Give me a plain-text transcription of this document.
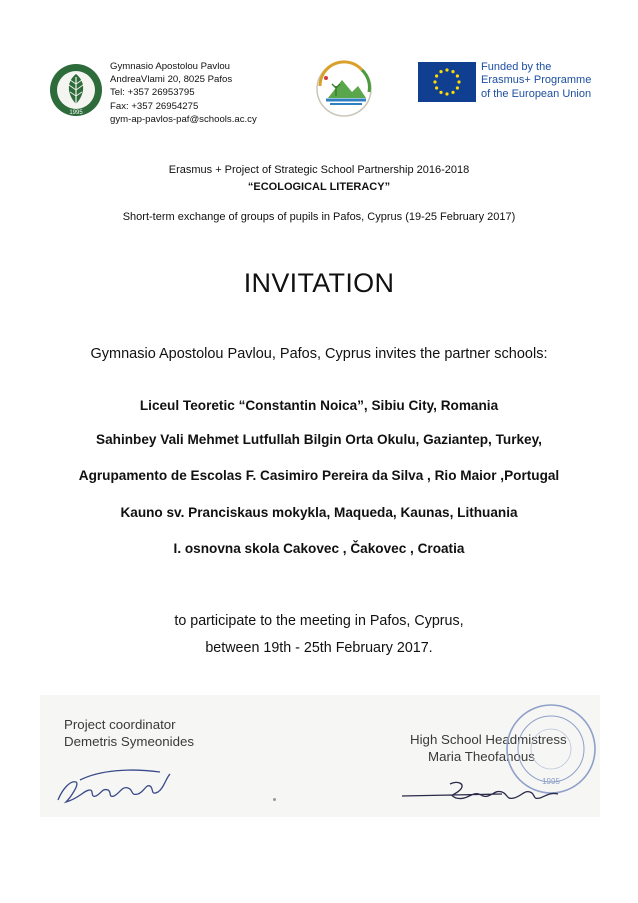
1995
Gymnasio Apostolou Pavlou
AndreaVlami 20, 8025 Pafos
Tel: +357 26953795
Fax: +357 26954275
gym-ap-pavlos-paf@schools.ac.cy
Funded by the
Erasmus+ Programme
of the European Union
Erasmus + Project of Strategic School Partnership 2016-2018
“ECOLOGICAL LITERACY”
Short-term exchange of groups of pupils in Pafos, Cyprus (19-25 February 2017)
INVITATION
Gymnasio Apostolou Pavlou, Pafos, Cyprus invites the partner schools:
Liceul Teoretic “Constantin Noica”, Sibiu City, Romania
Sahinbey Vali Mehmet Lutfullah Bilgin Orta Okulu, Gaziantep, Turkey,
Agrupamento de Escolas F. Casimiro Pereira da Silva , Rio Maior ,Portugal
Kauno sv. Pranciskaus mokykla, Maqueda, Kaunas, Lithuania
I. osnovna skola Cakovec , Čakovec , Croatia
to participate to the meeting in Pafos, Cyprus,
between 19th - 25th February 2017.
Project coordinator
Demetris Symeonides	High School Headmistress
Maria Theofanous
1995
